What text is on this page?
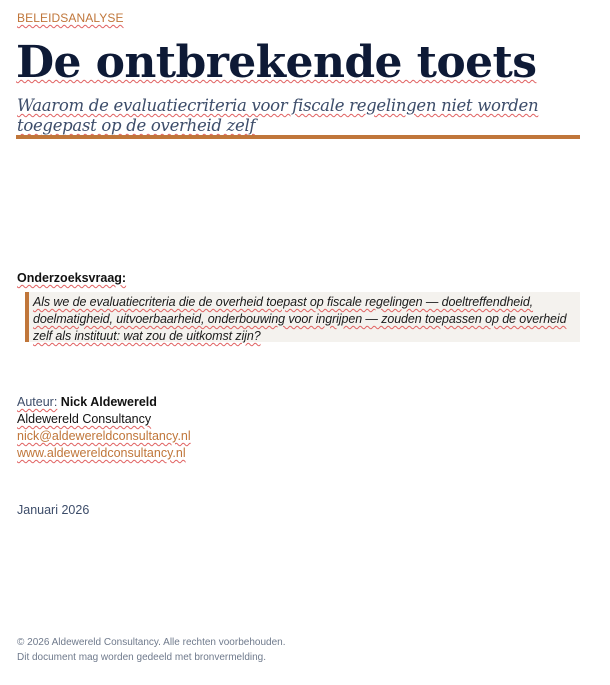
BELEIDSANALYSE
De ontbrekende toets
Waarom de evaluatiecriteria voor fiscale regelingen niet worden toegepast op de overheid zelf
Onderzoeksvraag:
Als we de evaluatiecriteria die de overheid toepast op fiscale regelingen — doeltreffendheid, doelmatigheid, uitvoerbaarheid, onderbouwing voor ingrijpen — zouden toepassen op de overheid zelf als instituut: wat zou de uitkomst zijn?
Auteur: Nick Aldewereld
Aldewereld Consultancy
nick@aldewereldconsultancy.nl
www.aldewereldconsultancy.nl
Januari 2026
© 2026 Aldewereld Consultancy. Alle rechten voorbehouden.
Dit document mag worden gedeeld met bronvermelding.
